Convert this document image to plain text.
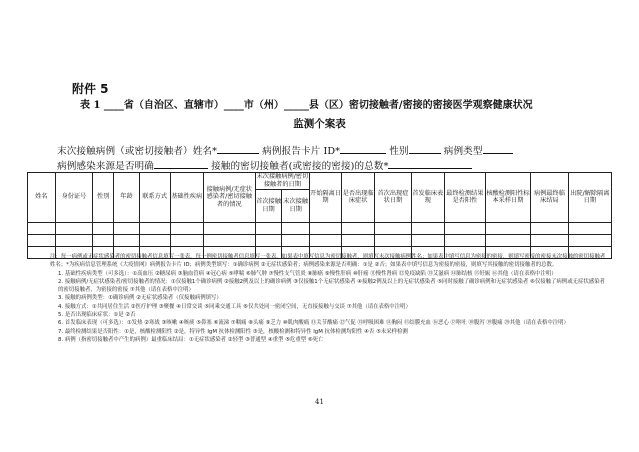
附件 5
表 1 ____省（自治区、直辖市）____市（州）_____县（区）密切接触者/密接的密接医学观察健康状况
监测个案表
末次接触病例（或密切接触者）姓名*	病例报告卡片 ID*	性别	病例类型
病例感染来源是否明确	接触的密切接触者(或密接的密接)的总数*
姓名	身份证号	性别	年龄	联系方式	基础性疾病	接触病例/无症状感染者/密切接触者的情况	末次接触病例/密切接触者的日期		开始隔离日期	是否出现临床症状	首次出现症状日期	首发临床表现	最终检测结果是否阳性	核酸检测阳性标本采样日期	病例最终临床结局	出院/解除隔离日期
							首次接触日期	末次接触日期								

注：每一病例或无症状感染者的密切接触者信息填写一张表，每一例密切接触者信息填写一张表。如果表中填写信息为密切接触者，则填写末次接触病例姓名；如果表中填写信息为密接的密接，则填写密接的密接末次接触的密切接触者姓名；*为疾病信息管理系统《大疫情网》病例报告卡片 ID；病例类型填写：①确诊病例 ②无症状感染者；病例感染来源是否明确：①是 ②否；如果表中填写信息为密接的密接，则填写其接触的密切接触者的总数。
1. 基础性疾病类型（可多选）：①高血压 ②糖尿病 ③脑血管病 ④冠心病 ⑤哮喘 ⑥肺气肿 ⑦慢性支气管炎 ⑧肺癌 ⑨慢性肝病 ⑩肝癌 ⑪慢性肾病 ⑫免疫缺陷 ⑬艾滋病 ⑭肺结核 ⑮妊娠 ⑯其他（请在表格中注明）
2. 接触病例/无症状感染者/密切接触者的情况：①仅接触1个确诊病例 ②接触2例及以上的确诊病例 ③仅接触1个无症状感染者 ④接触2例及以上的无症状感染者 ⑤同时接触了确诊病例和无症状感染者 ⑥仅接触了病例或无症状感染者的密切接触者，为密接的密接 ⑦其他（请在表格中注明）
3. 接触的病例类型：①确诊病例 ②无症状感染者（仅接触病例填写）
4. 接触方式：①共同居住生活 ②医疗护理 ③聚餐 ④日常交谈 ⑤同乘交通工具 ⑥仅共处同一密闭空间，无直接接触与交谈 ⑦其他（请在表格中注明）
5. 是否出现临床症状：①是 ②否
6. 首发临床表现（可多选）：①发热 ②寒战 ③咳嗽 ④咳痰 ⑤鼻塞 ⑥流涕 ⑦咽痛 ⑧头痛 ⑨乏力 ⑩肌肉酸痛 ⑪关节酸痛 ⑫气促 ⑬呼吸困难 ⑭胸闷 ⑮结膜充血 ⑯恶心 ⑰呕吐 ⑱腹泻 ⑲腹痛 ⑳其他（请在表格中注明）
7. 最终检测结果是否阳性：①是，核酸检测阳性 ②是，特异性 IgM 抗体检测阳性 ③是，核酸检测和特异性 IgM 抗体检测均阳性 ④否 ⑤未采样检测
8. 病例（指密切接触者中产生的病例）最重临床结局：①无症状感染者 ②轻型 ③普通型 ④重型 ⑤危重型 ⑥死亡
41
